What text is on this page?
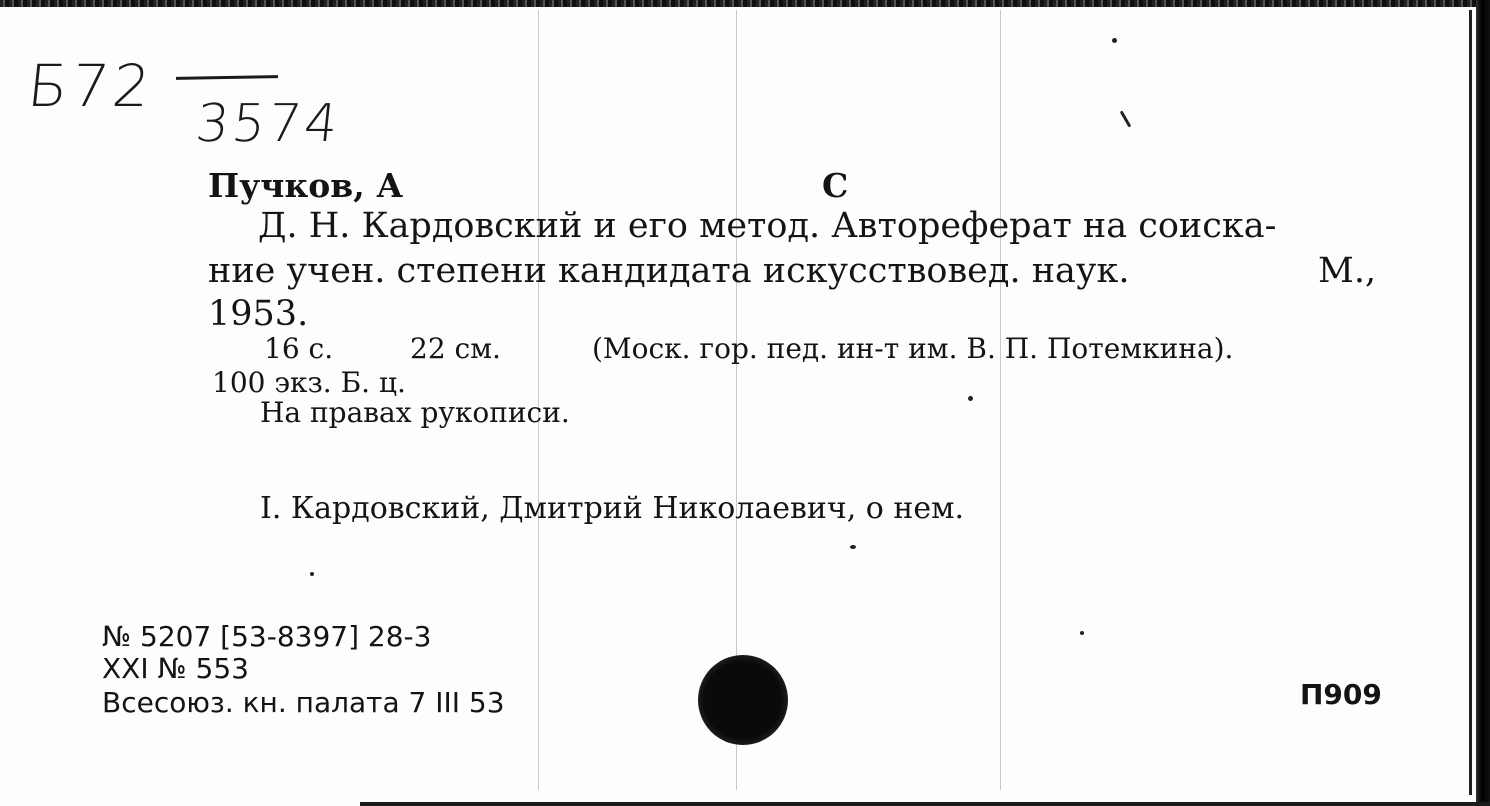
Б72
3574
Пучков, А	С
Д. Н. Кардовский и его метод. Автореферат на соиска-
ние учен. степени кандидата искусствовед. наук.	М.,
1953.
16 с.	22 см.	(Моск. гор. пед. ин-т им. В. П. Потемкина).
100 экз. Б. ц.
На правах рукописи.
I. Кардовский, Дмитрий Николаевич, о нем.
№ 5207 [53-8397] 28-3
XXI № 553
Всесоюз. кн. палата 7 III 53	П909
